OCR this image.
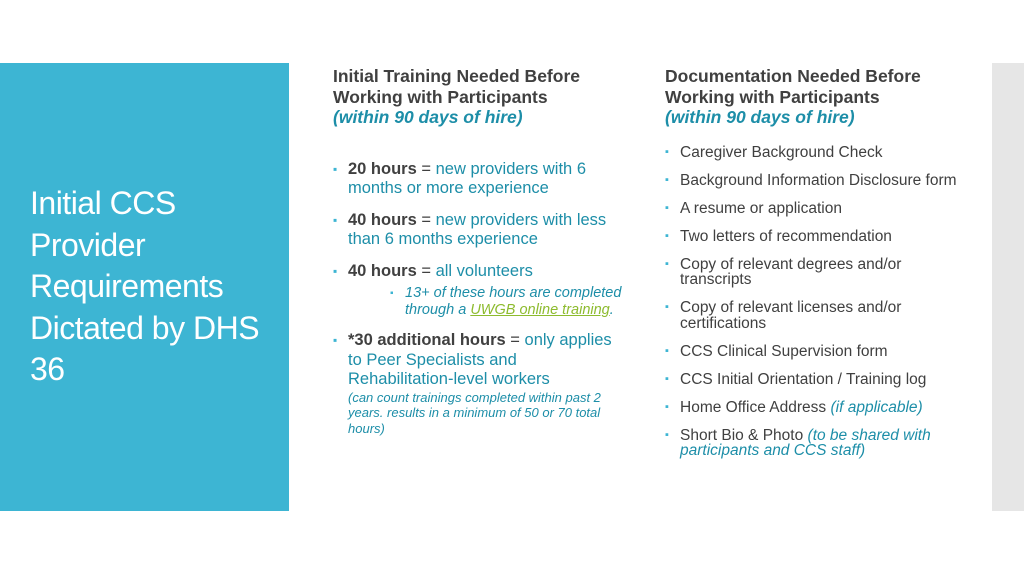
Initial CCS Provider Requirements Dictated by DHS 36
Initial Training Needed Before Working with Participants
(within 90 days of hire)
▪ 20 hours = new providers with 6 months or more experience
▪ 40 hours = new providers with less than 6 months experience
▪ 40 hours = all volunteers
▪ 13+ of these hours are completed through a UWGB online training.
▪ *30 additional hours = only applies to Peer Specialists and Rehabilitation-level workers
(can count trainings completed within past 2 years. results in a minimum of 50 or 70 total hours)
Documentation Needed Before Working with Participants
(within 90 days of hire)
▪ Caregiver Background Check
▪ Background Information Disclosure form
▪ A resume or application
▪ Two letters of recommendation
▪ Copy of relevant degrees and/or transcripts
▪ Copy of relevant licenses and/or certifications
▪ CCS Clinical Supervision form
▪ CCS Initial Orientation / Training log
▪ Home Office Address (if applicable)
▪ Short Bio & Photo (to be shared with participants and CCS staff)
